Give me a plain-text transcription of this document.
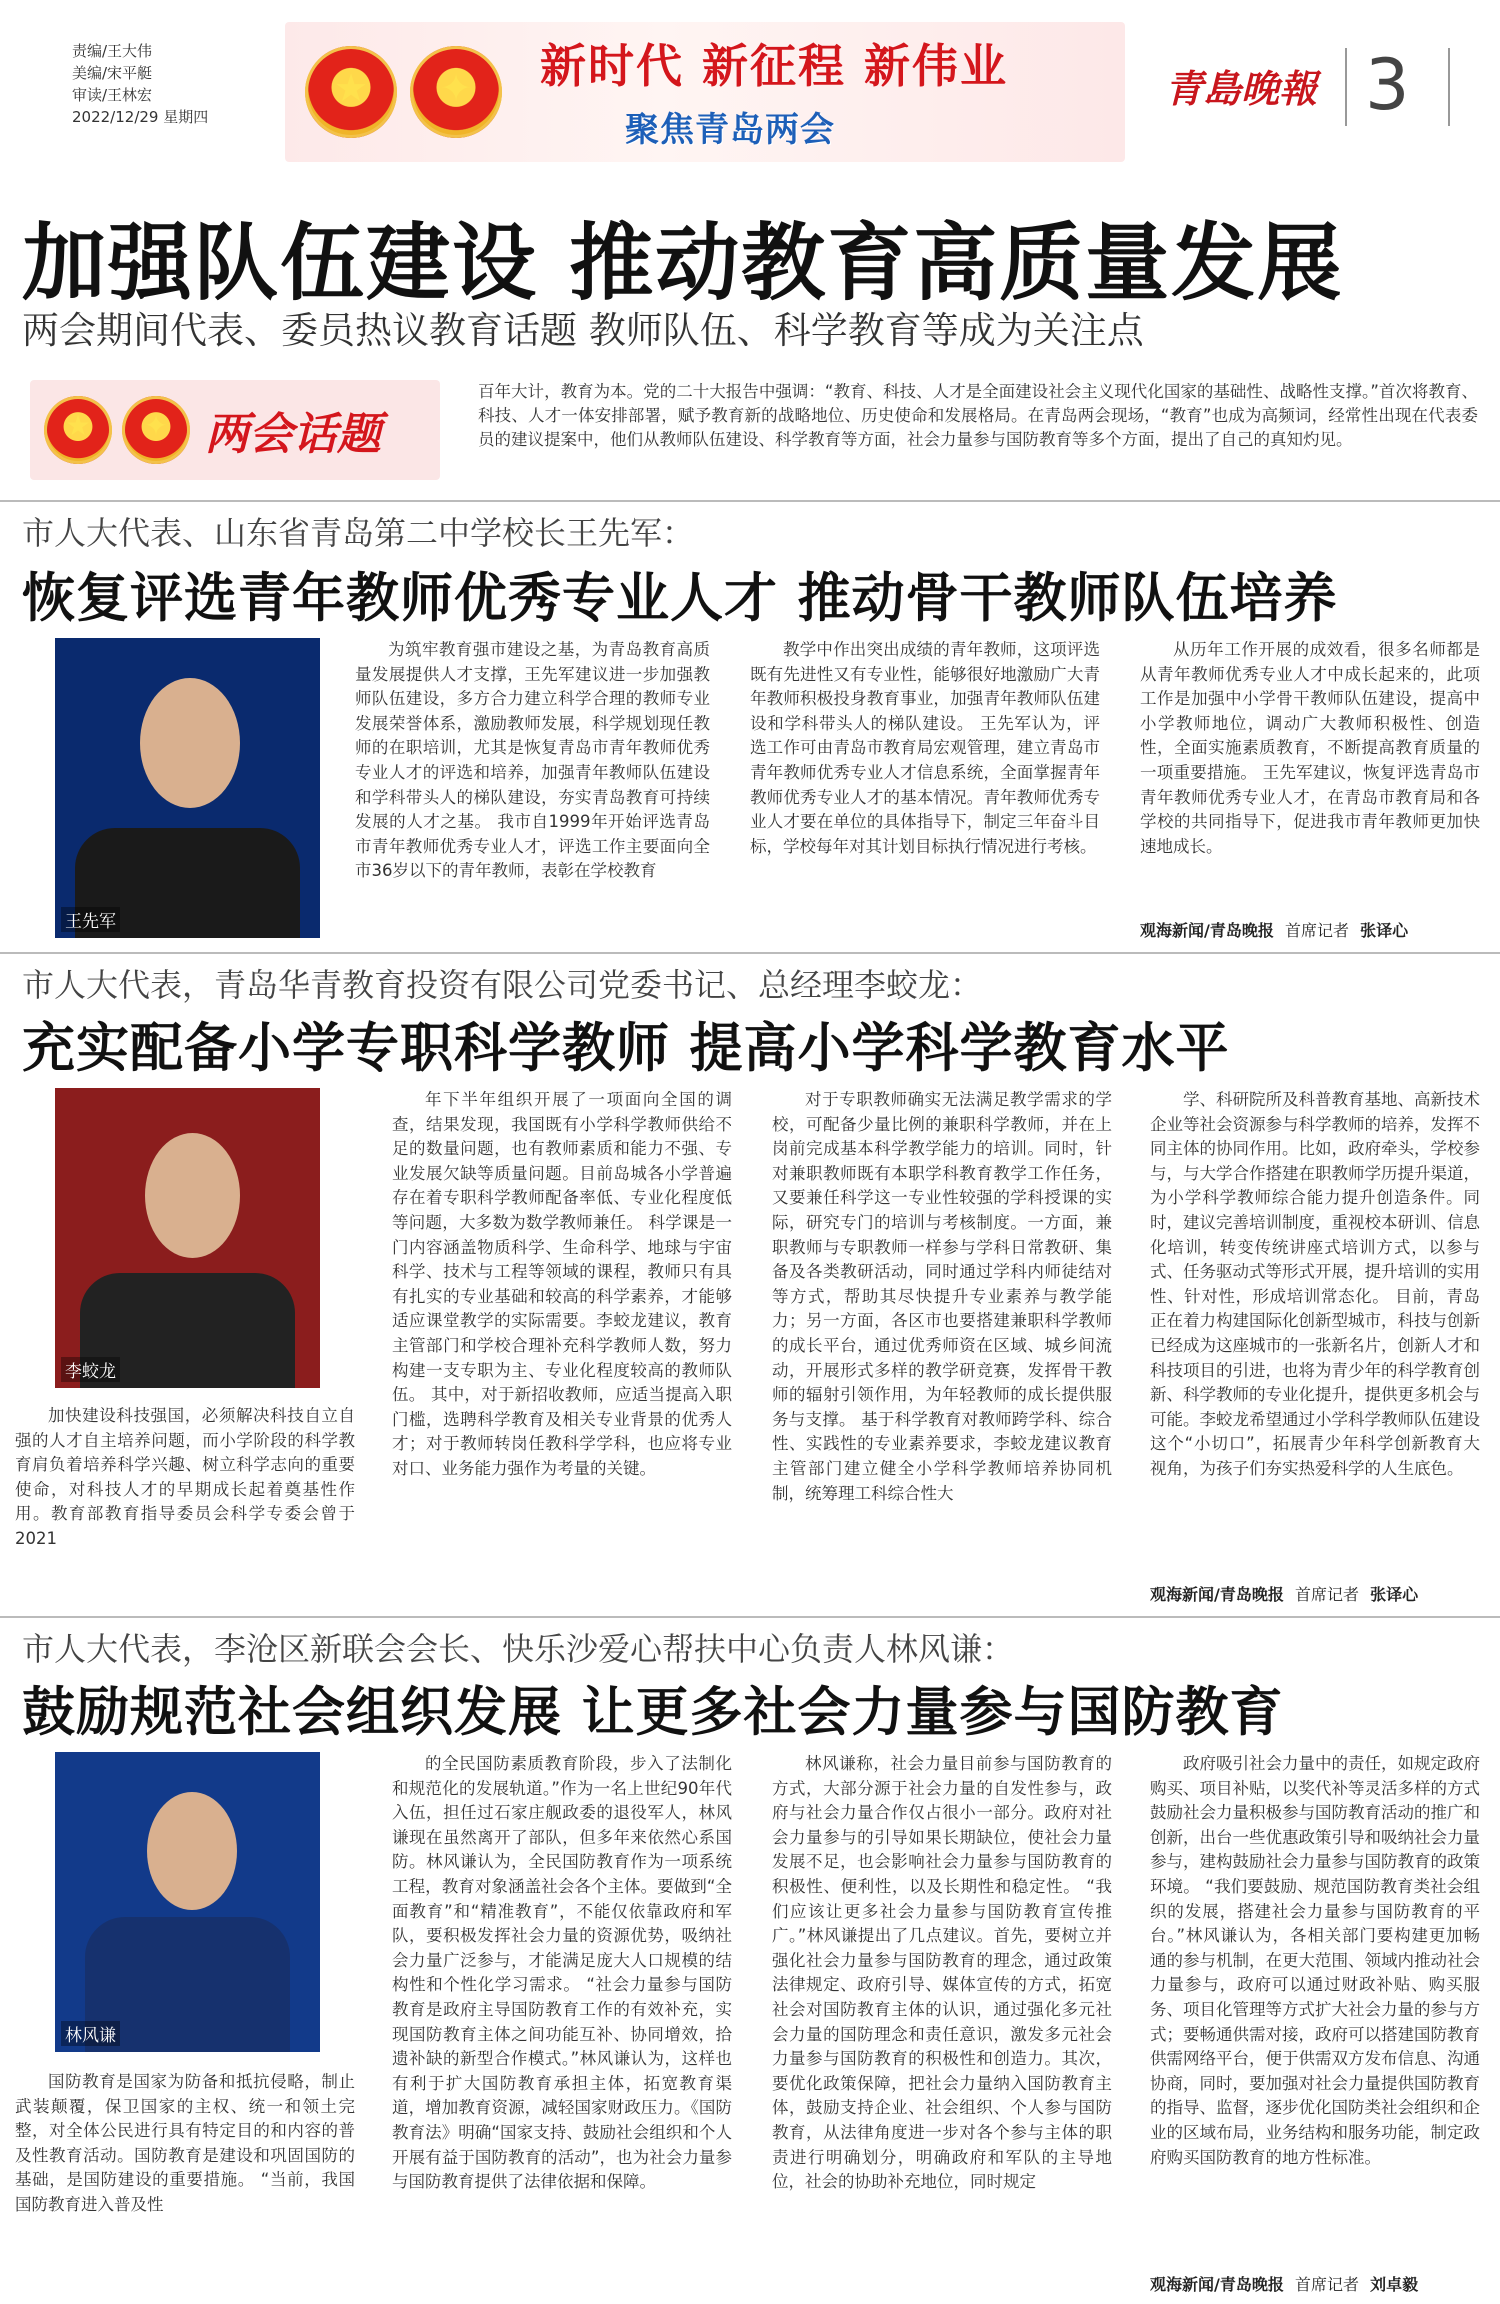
责编/王大伟
美编/宋平艇
审读/王林宏
2022/12/29 星期四
★	✦	新时代 新征程 新伟业
聚焦青岛两会
青島晚報 3
加强队伍建设 推动教育高质量发展
两会期间代表、委员热议教育话题 教师队伍、科学教育等成为关注点
★	✦ 两会话题
百年大计，教育为本。党的二十大报告中强调：“教育、科技、人才是全面建设社会主义现代化国家的基础性、战略性支撑。”首次将教育、科技、人才一体安排部署，赋予教育新的战略地位、历史使命和发展格局。在青岛两会现场，“教育”也成为高频词，经常性出现在代表委员的建议提案中，他们从教师队伍建设、科学教育等方面，社会力量参与国防教育等多个方面，提出了自己的真知灼见。
市人大代表、山东省青岛第二中学校长王先军：
恢复评选青年教师优秀专业人才 推动骨干教师队伍培养
王先军
为筑牢教育强市建设之基，为青岛教育高质量发展提供人才支撑，王先军建议进一步加强教师队伍建设，多方合力建立科学合理的教师专业发展荣誉体系，激励教师发展，科学规划现任教师的在职培训，尤其是恢复青岛市青年教师优秀专业人才的评选和培养，加强青年教师队伍建设和学科带头人的梯队建设，夯实青岛教育可持续发展的人才之基。 我市自1999年开始评选青岛市青年教师优秀专业人才，评选工作主要面向全市36岁以下的青年教师，表彰在学校教育
教学中作出突出成绩的青年教师，这项评选既有先进性又有专业性，能够很好地激励广大青年教师积极投身教育事业，加强青年教师队伍建设和学科带头人的梯队建设。 王先军认为，评选工作可由青岛市教育局宏观管理，建立青岛市青年教师优秀专业人才信息系统，全面掌握青年教师优秀专业人才的基本情况。青年教师优秀专业人才要在单位的具体指导下，制定三年奋斗目标，学校每年对其计划目标执行情况进行考核。
从历年工作开展的成效看，很多名师都是从青年教师优秀专业人才中成长起来的，此项工作是加强中小学骨干教师队伍建设，提高中小学教师地位，调动广大教师积极性、创造性，全面实施素质教育，不断提高教育质量的一项重要措施。 王先军建议，恢复评选青岛市青年教师优秀专业人才，在青岛市教育局和各学校的共同指导下，促进我市青年教师更加快速地成长。
观海新闻/青岛晚报 首席记者 张译心
市人大代表，青岛华青教育投资有限公司党委书记、总经理李蛟龙：
充实配备小学专职科学教师 提高小学科学教育水平
李蛟龙
加快建设科技强国，必须解决科技自立自强的人才自主培养问题，而小学阶段的科学教育肩负着培养科学兴趣、树立科学志向的重要使命，对科技人才的早期成长起着奠基性作用。教育部教育指导委员会科学专委会曾于2021
年下半年组织开展了一项面向全国的调查，结果发现，我国既有小学科学教师供给不足的数量问题，也有教师素质和能力不强、专业发展欠缺等质量问题。目前岛城各小学普遍存在着专职科学教师配备率低、专业化程度低等问题，大多数为数学教师兼任。 科学课是一门内容涵盖物质科学、生命科学、地球与宇宙科学、技术与工程等领域的课程，教师只有具有扎实的专业基础和较高的科学素养，才能够适应课堂教学的实际需要。李蛟龙建议，教育主管部门和学校合理补充科学教师人数，努力构建一支专职为主、专业化程度较高的教师队伍。 其中，对于新招收教师，应适当提高入职门槛，选聘科学教育及相关专业背景的优秀人才；对于教师转岗任教科学学科，也应将专业对口、业务能力强作为考量的关键。
对于专职教师确实无法满足教学需求的学校，可配备少量比例的兼职科学教师，并在上岗前完成基本科学教学能力的培训。同时，针对兼职教师既有本职学科教育教学工作任务，又要兼任科学这一专业性较强的学科授课的实际，研究专门的培训与考核制度。一方面，兼职教师与专职教师一样参与学科日常教研、集备及各类教研活动，同时通过学科内师徒结对等方式，帮助其尽快提升专业素养与教学能力；另一方面，各区市也要搭建兼职科学教师的成长平台，通过优秀师资在区域、城乡间流动，开展形式多样的教学研竞赛，发挥骨干教师的辐射引领作用，为年轻教师的成长提供服务与支撑。 基于科学教育对教师跨学科、综合性、实践性的专业素养要求，李蛟龙建议教育主管部门建立健全小学科学教师培养协同机制，统筹理工科综合性大
学、科研院所及科普教育基地、高新技术企业等社会资源参与科学教师的培养，发挥不同主体的协同作用。比如，政府牵头，学校参与，与大学合作搭建在职教师学历提升渠道，为小学科学教师综合能力提升创造条件。同时，建议完善培训制度，重视校本研训、信息化培训，转变传统讲座式培训方式，以参与式、任务驱动式等形式开展，提升培训的实用性、针对性，形成培训常态化。 目前，青岛正在着力构建国际化创新型城市，科技与创新已经成为这座城市的一张新名片，创新人才和科技项目的引进，也将为青少年的科学教育创新、科学教师的专业化提升，提供更多机会与可能。李蛟龙希望通过小学科学教师队伍建设这个“小切口”，拓展青少年科学创新教育大视角，为孩子们夯实热爱科学的人生底色。
观海新闻/青岛晚报 首席记者 张译心
市人大代表，李沧区新联会会长、快乐沙爱心帮扶中心负责人林风谦：
鼓励规范社会组织发展 让更多社会力量参与国防教育
林风谦
国防教育是国家为防备和抵抗侵略，制止武装颠覆，保卫国家的主权、统一和领土完整，对全体公民进行具有特定目的和内容的普及性教育活动。国防教育是建设和巩固国防的基础，是国防建设的重要措施。 “当前，我国国防教育进入普及性
的全民国防素质教育阶段，步入了法制化和规范化的发展轨道。”作为一名上世纪90年代入伍，担任过石家庄舰政委的退役军人，林风谦现在虽然离开了部队，但多年来依然心系国防。林风谦认为，全民国防教育作为一项系统工程，教育对象涵盖社会各个主体。要做到“全面教育”和“精准教育”，不能仅依靠政府和军队，要积极发挥社会力量的资源优势，吸纳社会力量广泛参与，才能满足庞大人口规模的结构性和个性化学习需求。 “社会力量参与国防教育是政府主导国防教育工作的有效补充，实现国防教育主体之间功能互补、协同增效，拾遗补缺的新型合作模式。”林风谦认为，这样也有利于扩大国防教育承担主体，拓宽教育渠道，增加教育资源，减轻国家财政压力。《国防教育法》明确“国家支持、鼓励社会组织和个人开展有益于国防教育的活动”，也为社会力量参与国防教育提供了法律依据和保障。
林风谦称，社会力量目前参与国防教育的方式，大部分源于社会力量的自发性参与，政府与社会力量合作仅占很小一部分。政府对社会力量参与的引导如果长期缺位，使社会力量发展不足，也会影响社会力量参与国防教育的积极性、便利性，以及长期性和稳定性。 “我们应该让更多社会力量参与国防教育宣传推广。”林风谦提出了几点建议。首先，要树立并强化社会力量参与国防教育的理念，通过政策法律规定、政府引导、媒体宣传的方式，拓宽社会对国防教育主体的认识，通过强化多元社会力量的国防理念和责任意识，激发多元社会力量参与国防教育的积极性和创造力。其次，要优化政策保障，把社会力量纳入国防教育主体，鼓励支持企业、社会组织、个人参与国防教育，从法律角度进一步对各个参与主体的职责进行明确划分，明确政府和军队的主导地位，社会的协助补充地位，同时规定
政府吸引社会力量中的责任，如规定政府购买、项目补贴，以奖代补等灵活多样的方式鼓励社会力量积极参与国防教育活动的推广和创新，出台一些优惠政策引导和吸纳社会力量参与，建构鼓励社会力量参与国防教育的政策环境。 “我们要鼓励、规范国防教育类社会组织的发展，搭建社会力量参与国防教育的平台。”林风谦认为，各相关部门要构建更加畅通的参与机制，在更大范围、领域内推动社会力量参与，政府可以通过财政补贴、购买服务、项目化管理等方式扩大社会力量的参与方式；要畅通供需对接，政府可以搭建国防教育供需网络平台，便于供需双方发布信息、沟通协商，同时，要加强对社会力量提供国防教育的指导、监督，逐步优化国防类社会组织和企业的区域布局，业务结构和服务功能，制定政府购买国防教育的地方性标准。
观海新闻/青岛晚报 首席记者 刘卓毅
